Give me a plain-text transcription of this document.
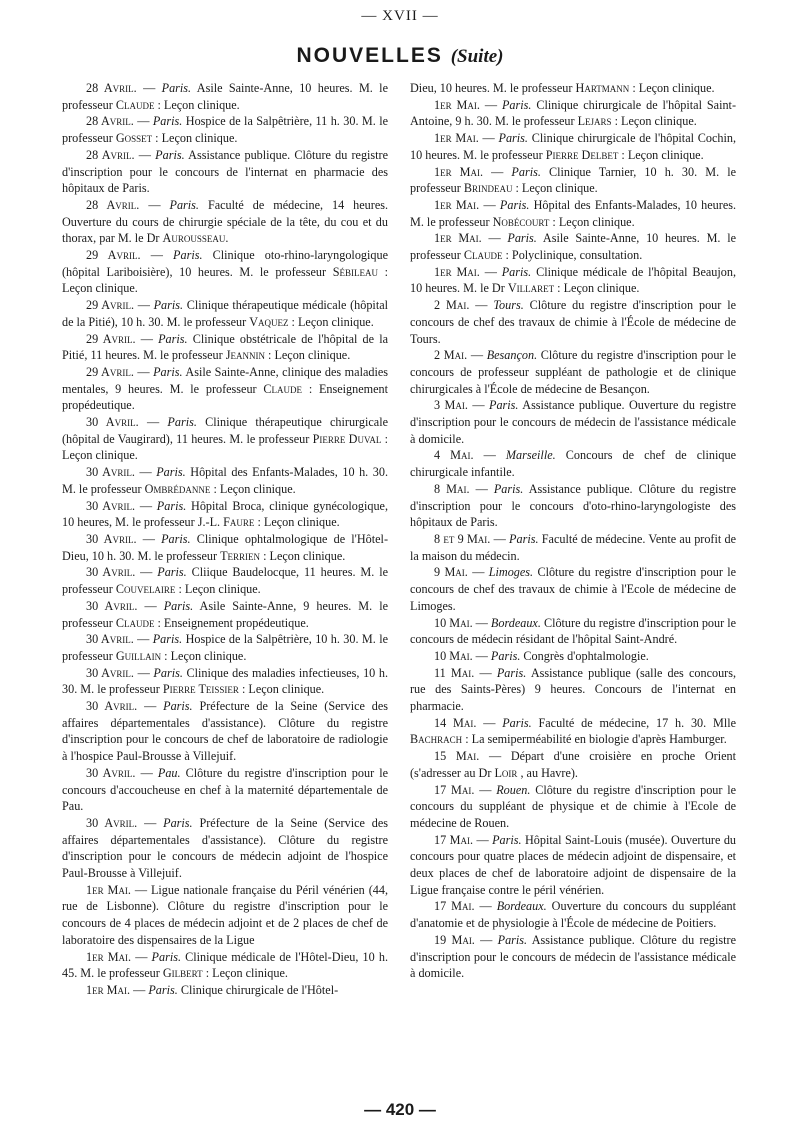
— XVII —
NOUVELLES (Suite)

28 Avril. — Paris. Asile Sainte-Anne, 10 heures. M. le professeur Claude : Leçon clinique.

28 Avril. — Paris. Hospice de la Salpêtrière, 11 h. 30. M. le professeur Gosset : Leçon clinique.

28 Avril. — Paris. Assistance publique. Clôture du registre d'inscription pour le concours de l'internat en pharmacie des hôpitaux de Paris.

28 Avril. — Paris. Faculté de médecine, 14 heures. Ouverture du cours de chirurgie spéciale de la tête, du cou et du thorax, par M. le Dr Aurousseau.

29 Avril. — Paris. Clinique oto-rhino-laryngologique (hôpital Lariboisière), 10 heures. M. le professeur Sébileau : Leçon clinique.

29 Avril. — Paris. Clinique thérapeutique médicale (hôpital de la Pitié), 10 h. 30. M. le professeur Vaquez : Leçon clinique.

29 Avril. — Paris. Clinique obstétricale de l'hôpital de la Pitié, 11 heures. M. le professeur Jeannin : Leçon clinique.

29 Avril. — Paris. Asile Sainte-Anne, clinique des maladies mentales, 9 heures. M. le professeur Claude : Enseignement propédeutique.

30 Avril. — Paris. Clinique thérapeutique chirurgicale (hôpital de Vaugirard), 11 heures. M. le professeur Pierre Duval : Leçon clinique.

30 Avril. — Paris. Hôpital des Enfants-Malades, 10 h. 30. M. le professeur Ombrédanne : Leçon clinique.

30 Avril. — Paris. Hôpital Broca, clinique gynécologique, 10 heures, M. le professeur J.-L. Faure : Leçon clinique.

30 Avril. — Paris. Clinique ophtalmologique de l'Hôtel-Dieu, 10 h. 30. M. le professeur Terrien : Leçon clinique.

30 Avril. — Paris. Cliique Baudelocque, 11 heures. M. le professeur Couvelaire : Leçon clinique.

30 Avril. — Paris. Asile Sainte-Anne, 9 heures. M. le professeur Claude : Enseignement propédeutique.

30 Avril. — Paris. Hospice de la Salpêtrière, 10 h. 30. M. le professeur Guillain : Leçon clinique.

30 Avril. — Paris. Clinique des maladies infectieuses, 10 h. 30. M. le professeur Pierre Teissier : Leçon clinique.

30 Avril. — Paris. Préfecture de la Seine (Service des affaires départementales d'assistance). Clôture du registre d'inscription pour le concours de chef de laboratoire de radiologie à l'hospice Paul-Brousse à Villejuif.

30 Avril. — Pau. Clôture du registre d'inscription pour le concours d'accoucheuse en chef à la maternité départementale de Pau.

30 Avril. — Paris. Préfecture de la Seine (Service des affaires départementales d'assistance). Clôture du registre d'inscription pour le concours de médecin adjoint de l'hospice Paul-Brousse à Villejuif.

1er Mai. — Ligue nationale française du Péril vénérien (44, rue de Lisbonne). Clôture du registre d'inscription pour le concours de 4 places de médecin adjoint et de 2 places de chef de laboratoire des dispensaires de la Ligue

1er Mai. — Paris. Clinique médicale de l'Hôtel-Dieu, 10 h. 45. M. le professeur Gilbert : Leçon clinique.

1er Mai. — Paris. Clinique chirurgicale de l'Hôtel-

Dieu, 10 heures. M. le professeur Hartmann : Leçon clinique.

1er Mai. — Paris. Clinique chirurgicale de l'hôpital Saint-Antoine, 9 h. 30. M. le professeur Lejars : Leçon clinique.

1er Mai. — Paris. Clinique chirurgicale de l'hôpital Cochin, 10 heures. M. le professeur Pierre Delbet : Leçon clinique.

1er Mai. — Paris. Clinique Tarnier, 10 h. 30. M. le professeur Brindeau : Leçon clinique.

1er Mai. — Paris. Hôpital des Enfants-Malades, 10 heures. M. le professeur Nobécourt : Leçon clinique.

1er Mai. — Paris. Asile Sainte-Anne, 10 heures. M. le professeur Claude : Polyclinique, consultation.

1er Mai. — Paris. Clinique médicale de l'hôpital Beaujon, 10 heures. M. le Dr Villaret : Leçon clinique.

2 Mai. — Tours. Clôture du registre d'inscription pour le concours de chef des travaux de chimie à l'École de médecine de Tours.

2 Mai. — Besançon. Clôture du registre d'inscription pour le concours de professeur suppléant de pathologie et de clinique chirurgicales à l'École de médecine de Besançon.

3 Mai. — Paris. Assistance publique. Ouverture du registre d'inscription pour le concours de médecin de l'assistance médicale à domicile.

4 Mai. — Marseille. Concours de chef de clinique chirurgicale infantile.

8 Mai. — Paris. Assistance publique. Clôture du registre d'inscription pour le concours d'oto-rhino-laryngologiste des hôpitaux de Paris.

8 et 9 Mai. — Paris. Faculté de médecine. Vente au profit de la maison du médecin.

9 Mai. — Limoges. Clôture du registre d'inscription pour le concours de chef des travaux de chimie à l'Ecole de médecine de Limoges.

10 Mai. — Bordeaux. Clôture du registre d'inscription pour le concours de médecin résidant de l'hôpital Saint-André.

10 Mai. — Paris. Congrès d'ophtalmologie.

11 Mai. — Paris. Assistance publique (salle des concours, rue des Saints-Pères) 9 heures. Concours de l'internat en pharmacie.

14 Mai. — Paris. Faculté de médecine, 17 h. 30. Mlle Bachrach : La semiperméabilité en biologie d'après Hamburger.

15 Mai. — Départ d'une croisière en proche Orient (s'adresser au Dr Loir , au Havre).

17 Mai. — Rouen. Clôture du registre d'inscription pour le concours du suppléant de physique et de chimie à l'Ecole de médecine de Rouen.

17 Mai. — Paris. Hôpital Saint-Louis (musée). Ouverture du concours pour quatre places de médecin adjoint de dispensaire, et deux places de chef de laboratoire adjoint de dispensaire de la Ligue française contre le péril vénérien.

17 Mai. — Bordeaux. Ouverture du concours du suppléant d'anatomie et de physiologie à l'École de médecine de Poitiers.

19 Mai. — Paris. Assistance publique. Clôture du registre d'inscription pour le concours de médecin de l'assistance médicale à domicile.

— 420 —
